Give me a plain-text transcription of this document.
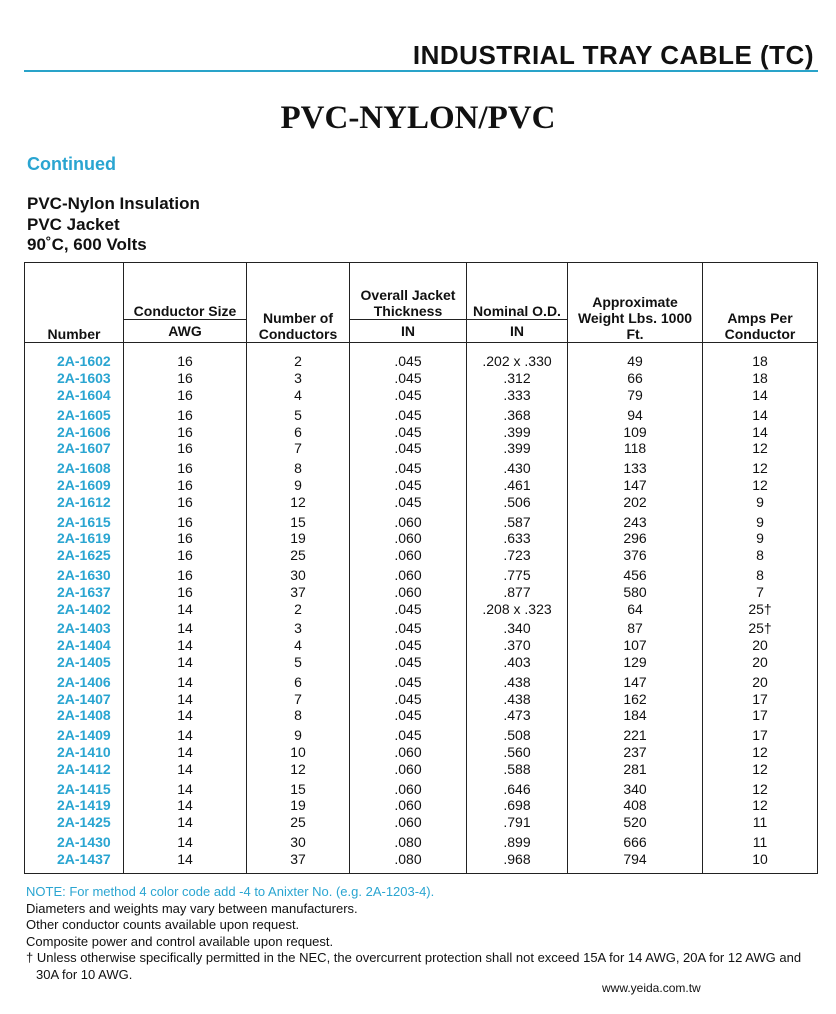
INDUSTRIAL TRAY CABLE (TC)
PVC-NYLON/PVC
Continued
PVC-Nylon Insulation
PVC Jacket
90˚C, 600 Volts
Number	Conductor Size	Number of Conductors	Overall Jacket Thickness	Nominal O.D.	Approximate Weight Lbs. 1000 Ft.	Amps Per Conductor
	AWG		IN	IN		
2A-1602	16	2	.045	.202 x .330	49	18
2A-1603	16	3	.045	.312	66	18
2A-1604	16	4	.045	.333	79	14
2A-1605	16	5	.045	.368	94	14
2A-1606	16	6	.045	.399	109	14
2A-1607	16	7	.045	.399	118	12
2A-1608	16	8	.045	.430	133	12
2A-1609	16	9	.045	.461	147	12
2A-1612	16	12	.045	.506	202	9
2A-1615	16	15	.060	.587	243	9
2A-1619	16	19	.060	.633	296	9
2A-1625	16	25	.060	.723	376	8
2A-1630	16	30	.060	.775	456	8
2A-1637	16	37	.060	.877	580	7
2A-1402	14	2	.045	.208 x .323	64	25†
2A-1403	14	3	.045	.340	87	25†
2A-1404	14	4	.045	.370	107	20
2A-1405	14	5	.045	.403	129	20
2A-1406	14	6	.045	.438	147	20
2A-1407	14	7	.045	.438	162	17
2A-1408	14	8	.045	.473	184	17
2A-1409	14	9	.045	.508	221	17
2A-1410	14	10	.060	.560	237	12
2A-1412	14	12	.060	.588	281	12
2A-1415	14	15	.060	.646	340	12
2A-1419	14	19	.060	.698	408	12
2A-1425	14	25	.060	.791	520	11
2A-1430	14	30	.080	.899	666	11
2A-1437	14	37	.080	.968	794	10
NOTE: For method 4 color code add -4 to Anixter No. (e.g. 2A-1203-4).
Diameters and weights may vary between manufacturers.
Other conductor counts available upon request.
Composite power and control available upon request.
† Unless otherwise specifically permitted in the NEC, the overcurrent protection shall not exceed 15A for 14 AWG, 20A for 12 AWG and 30A for 10 AWG.
www.yeida.com.tw
